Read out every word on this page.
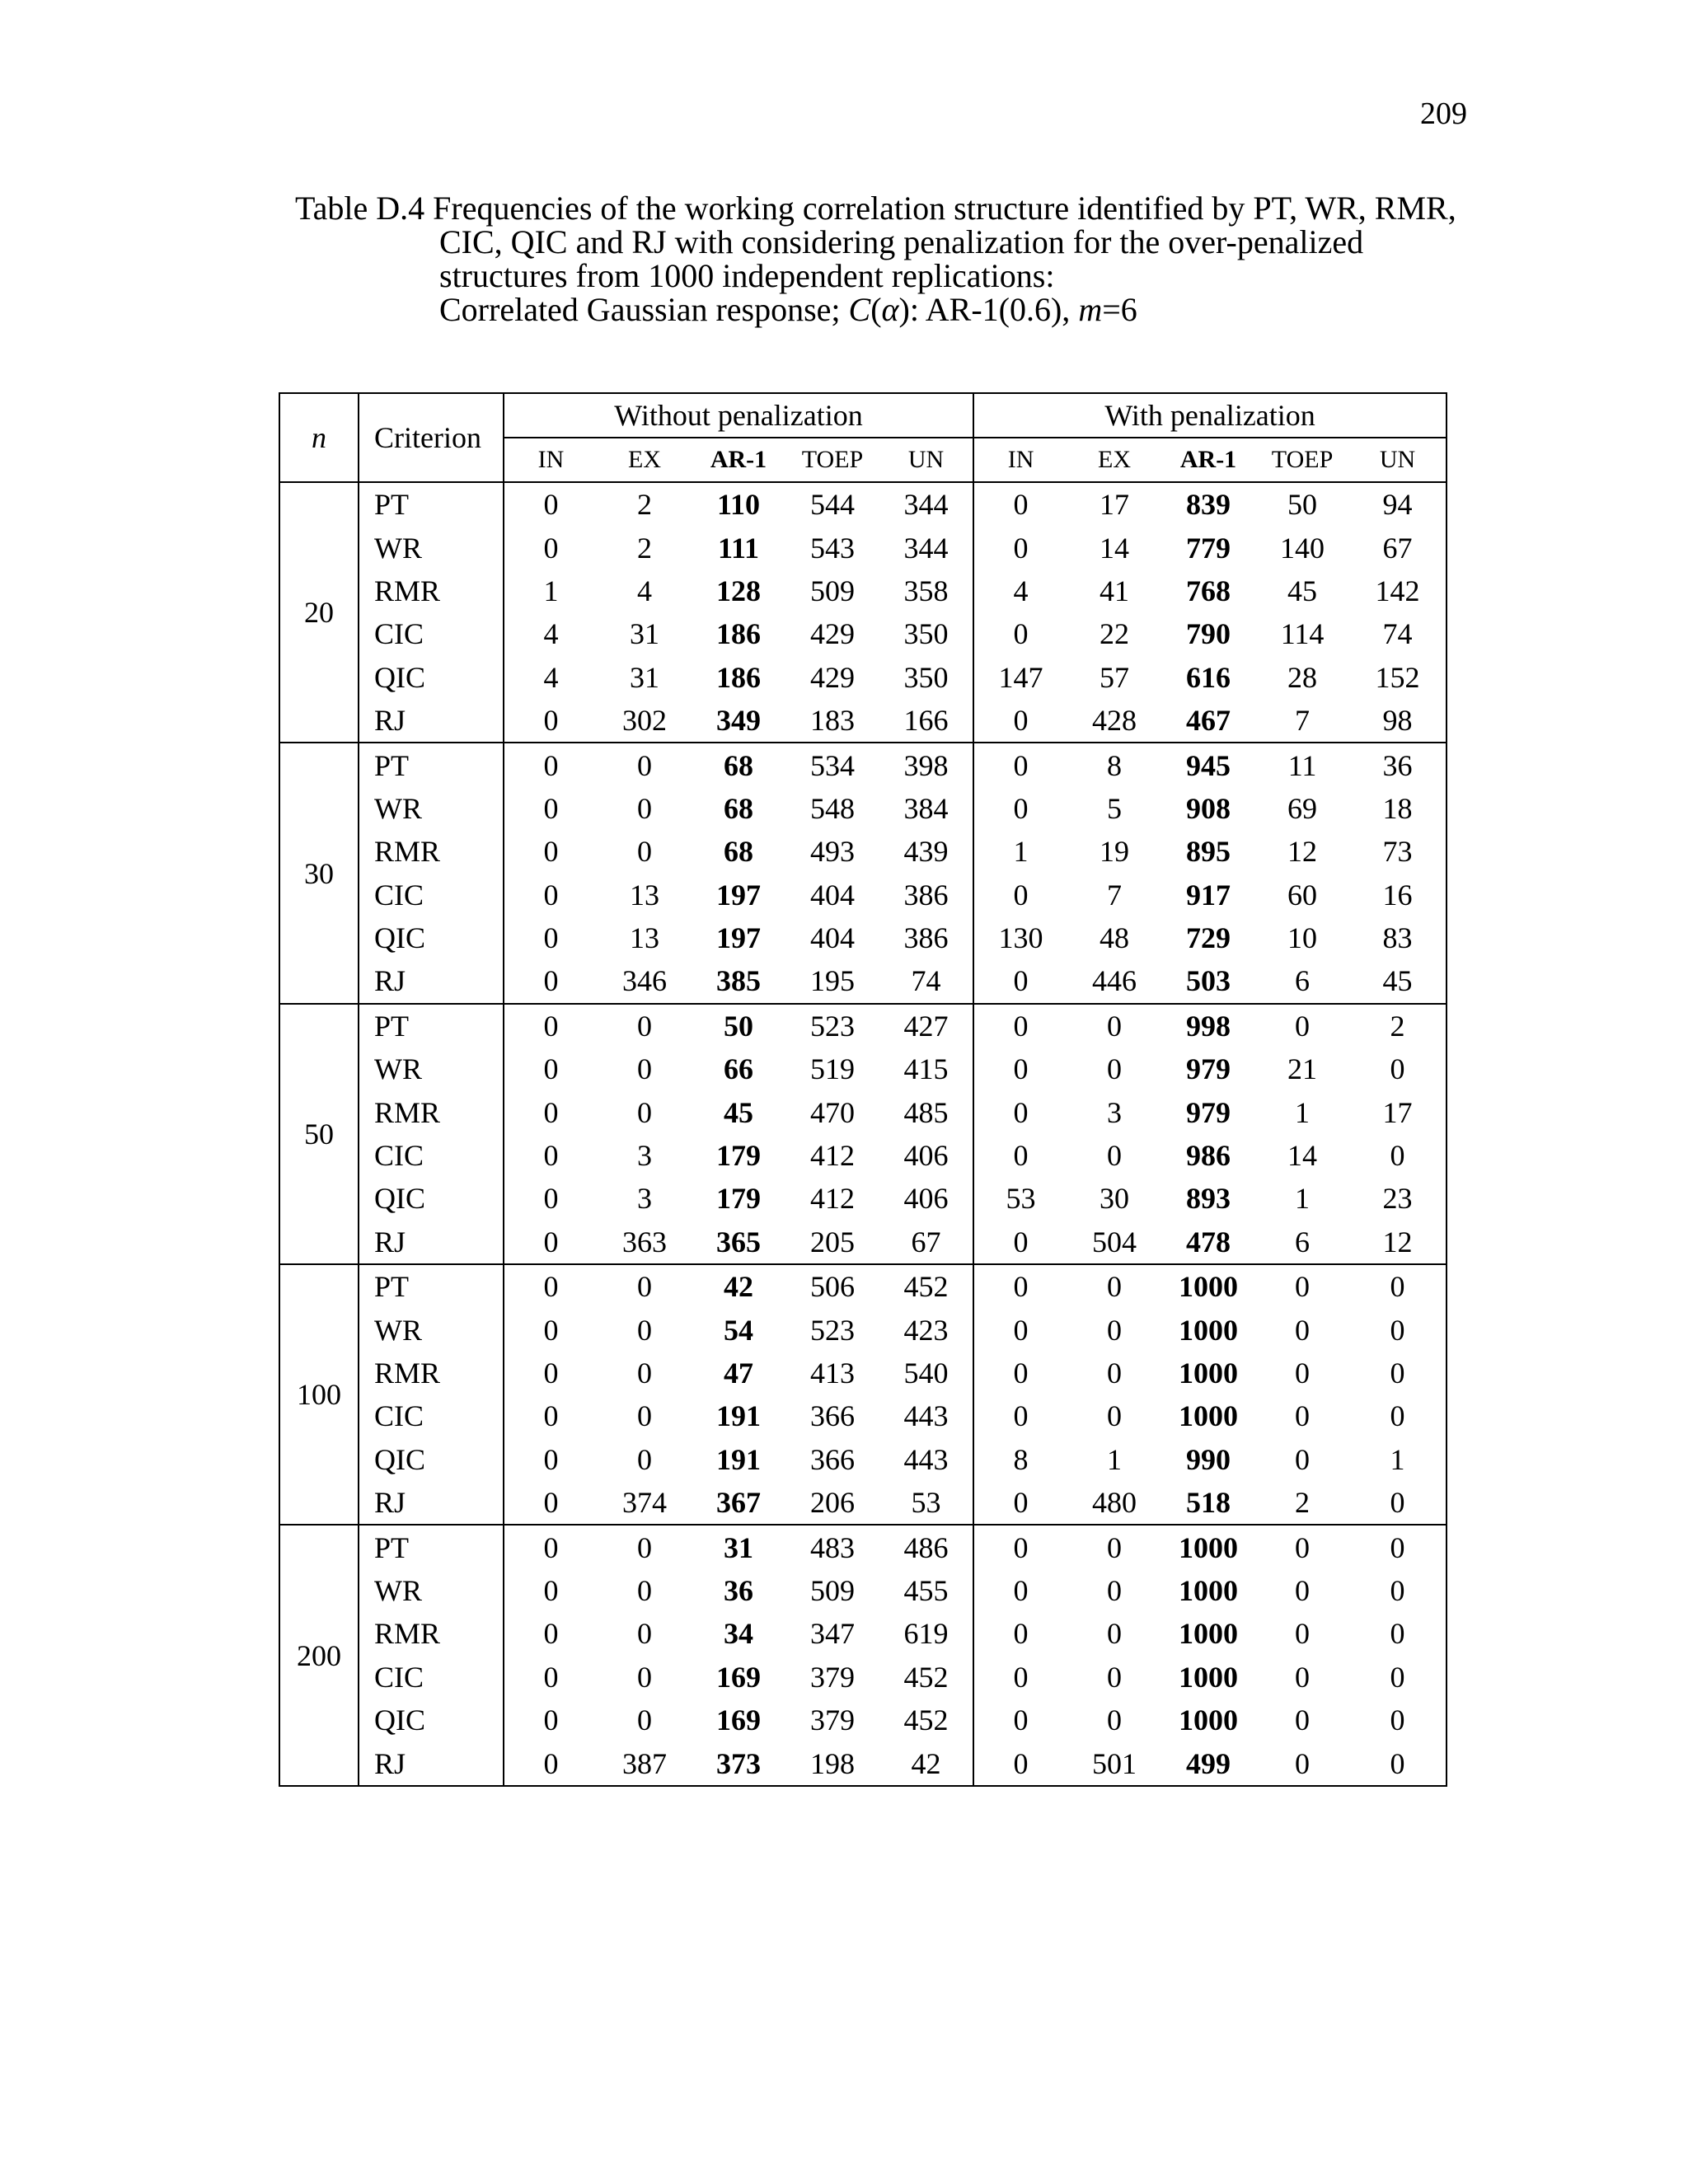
209
Table D.4 Frequencies of the working correlation structure identified by PT, WR, RMR,
CIC, QIC and RJ with considering penalization for the over-penalized
structures from 1000 independent replications:
Correlated Gaussian response; C(α): AR-1(0.6), m=6
n	Criterion	Without penalization					With penalization				
		IN	EX	AR-1	TOEP	UN	IN	EX	AR-1	TOEP	UN
20	PT	0	2	110	544	344	0	17	839	50	94
	WR	0	2	111	543	344	0	14	779	140	67
	RMR	1	4	128	509	358	4	41	768	45	142
	CIC	4	31	186	429	350	0	22	790	114	74
	QIC	4	31	186	429	350	147	57	616	28	152
	RJ	0	302	349	183	166	0	428	467	7	98
30	PT	0	0	68	534	398	0	8	945	11	36
	WR	0	0	68	548	384	0	5	908	69	18
	RMR	0	0	68	493	439	1	19	895	12	73
	CIC	0	13	197	404	386	0	7	917	60	16
	QIC	0	13	197	404	386	130	48	729	10	83
	RJ	0	346	385	195	74	0	446	503	6	45
50	PT	0	0	50	523	427	0	0	998	0	2
	WR	0	0	66	519	415	0	0	979	21	0
	RMR	0	0	45	470	485	0	3	979	1	17
	CIC	0	3	179	412	406	0	0	986	14	0
	QIC	0	3	179	412	406	53	30	893	1	23
	RJ	0	363	365	205	67	0	504	478	6	12
100	PT	0	0	42	506	452	0	0	1000	0	0
	WR	0	0	54	523	423	0	0	1000	0	0
	RMR	0	0	47	413	540	0	0	1000	0	0
	CIC	0	0	191	366	443	0	0	1000	0	0
	QIC	0	0	191	366	443	8	1	990	0	1
	RJ	0	374	367	206	53	0	480	518	2	0
200	PT	0	0	31	483	486	0	0	1000	0	0
	WR	0	0	36	509	455	0	0	1000	0	0
	RMR	0	0	34	347	619	0	0	1000	0	0
	CIC	0	0	169	379	452	0	0	1000	0	0
	QIC	0	0	169	379	452	0	0	1000	0	0
	RJ	0	387	373	198	42	0	501	499	0	0
